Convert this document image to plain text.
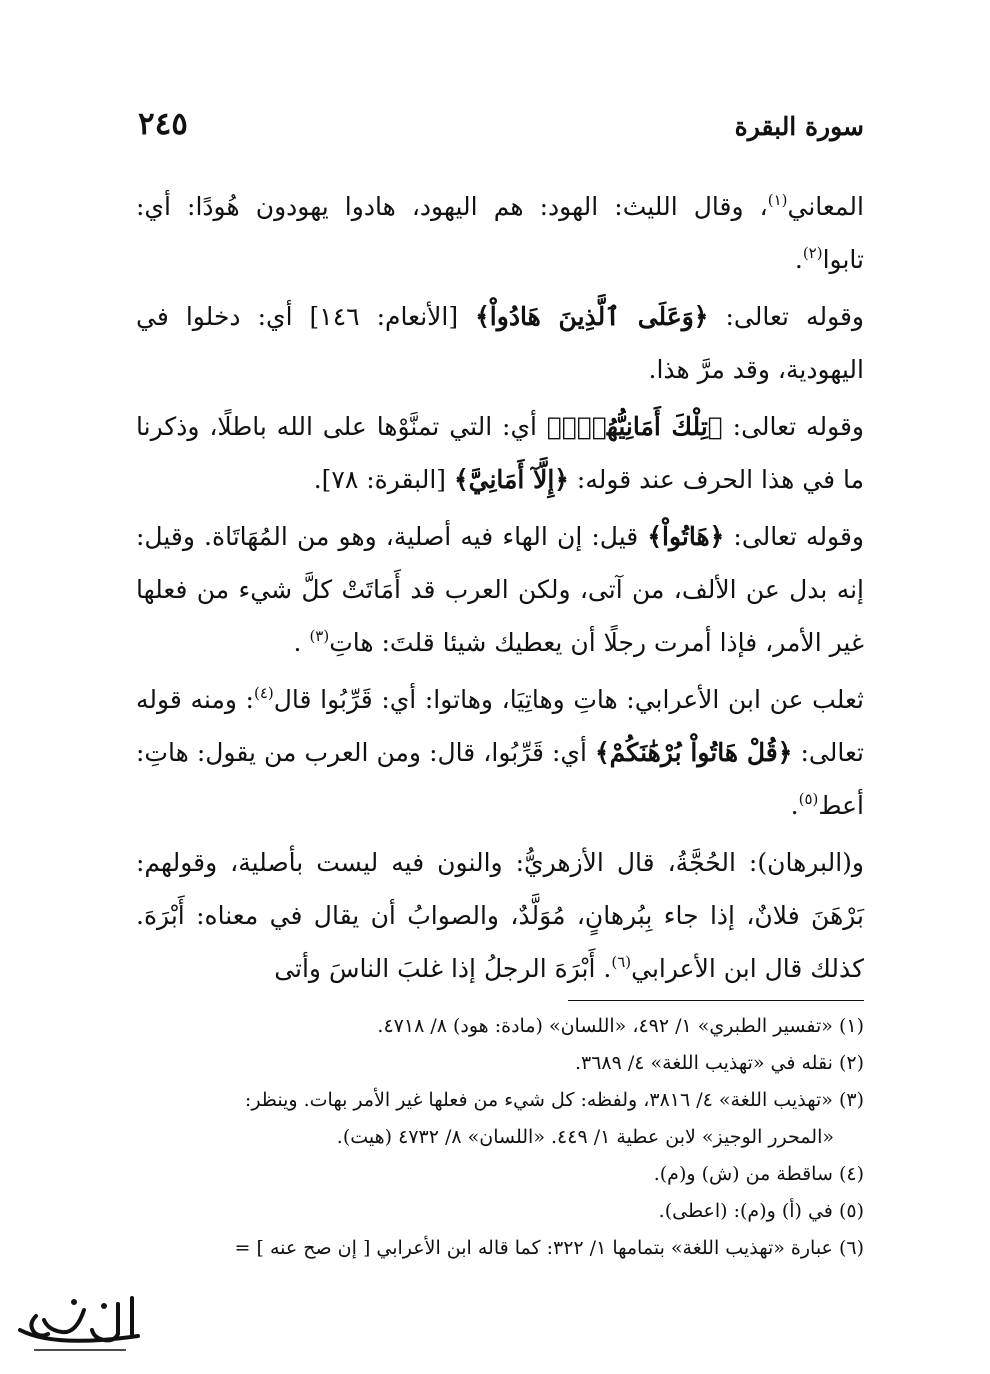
سورة البقرة
٢٤٥

المعاني$^{(١)}$، وقال الليث: الهود: هم اليهود، هادوا يهودون هُودًا: أي: تابوا$^{(٢)}$.

وقوله تعالى: ﴿وَعَلَى ٱلَّذِينَ هَادُواْ﴾ [الأنعام: ١٤٦] أي: دخلوا في اليهودية، وقد مرَّ هذا.

وقوله تعالى: ﴿تِلْكَ أَمَانِيُّهُمْۗ﴾ أي: التي تمنَّوْها على الله باطلًا، وذكرنا ما في هذا الحرف عند قوله: ﴿إِلَّآ أَمَانِيَّ﴾ [البقرة: ٧٨].

وقوله تعالى: ﴿هَاتُواْ﴾ قيل: إن الهاء فيه أصلية، وهو من المُهَاتَاة. وقيل: إنه بدل عن الألف، من آتى، ولكن العرب قد أَمَاتَتْ كلَّ شيء من فعلها غير الأمر، فإذا أمرت رجلًا أن يعطيك شيئا قلتَ: هاتِ$^{(٣)}$ .

ثعلب عن ابن الأعرابي: هاتِ وهاتِيَا، وهاتوا: أي: قَرِّبُوا قال$^{(٤)}$: ومنه قوله تعالى: ﴿قُلْ هَاتُواْ بُرْهَٰنَكُمْ﴾ أي: قَرِّبُوا، قال: ومن العرب من يقول: هاتِ: أعط$^{(٥)}$.

و(البرهان): الحُجَّةُ، قال الأزهريُّ: والنون فيه ليست بأصلية، وقولهم: بَرْهَنَ فلانٌ، إذا جاء بِبُرهانٍ، مُوَلَّدٌ، والصوابُ أن يقال في معناه: أَبْرَهَ. كذلك قال ابن الأعرابي$^{(٦)}$. أَبْرَهَ الرجلُ إذا غلبَ الناسَ وأتى

(١) «تفسير الطبري» ١/ ٤٩٢، «اللسان» (مادة: هود) ٨/ ٤٧١٨.

(٢) نقله في «تهذيب اللغة» ٤/ ٣٦٨٩.

(٣) «تهذيب اللغة» ٤/ ٣٨١٦، ولفظه: كل شيء من فعلها غير الأمر بهات. وينظر:

«المحرر الوجيز» لابن عطية ١/ ٤٤٩. «اللسان» ٨/ ٤٧٣٢ (هيت).

(٤) ساقطة من (ش) و(م).

(٥) في (أ) و(م): (اعطى).

(٦) عبارة «تهذيب اللغة» بتمامها ١/ ٣٢٢: كما قاله ابن الأعرابي [ إن صح عنه ] =
